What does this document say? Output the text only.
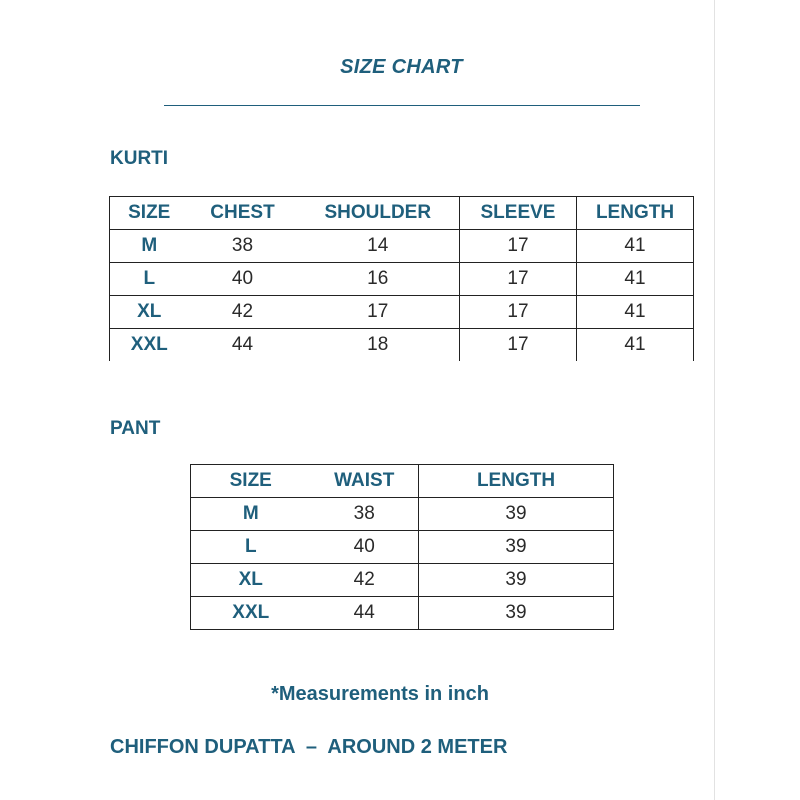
SIZE CHART
KURTI
SIZE	CHEST	SHOULDER	SLEEVE	LENGTH
M	38	14	17	41
L	40	16	17	41
XL	42	17	17	41
XXL	44	18	17	41
PANT
SIZE	WAIST	LENGTH
M	38	39
L	40	39
XL	42	39
XXL	44	39
*Measurements in inch
CHIFFON DUPATTA  –  AROUND 2 METER
